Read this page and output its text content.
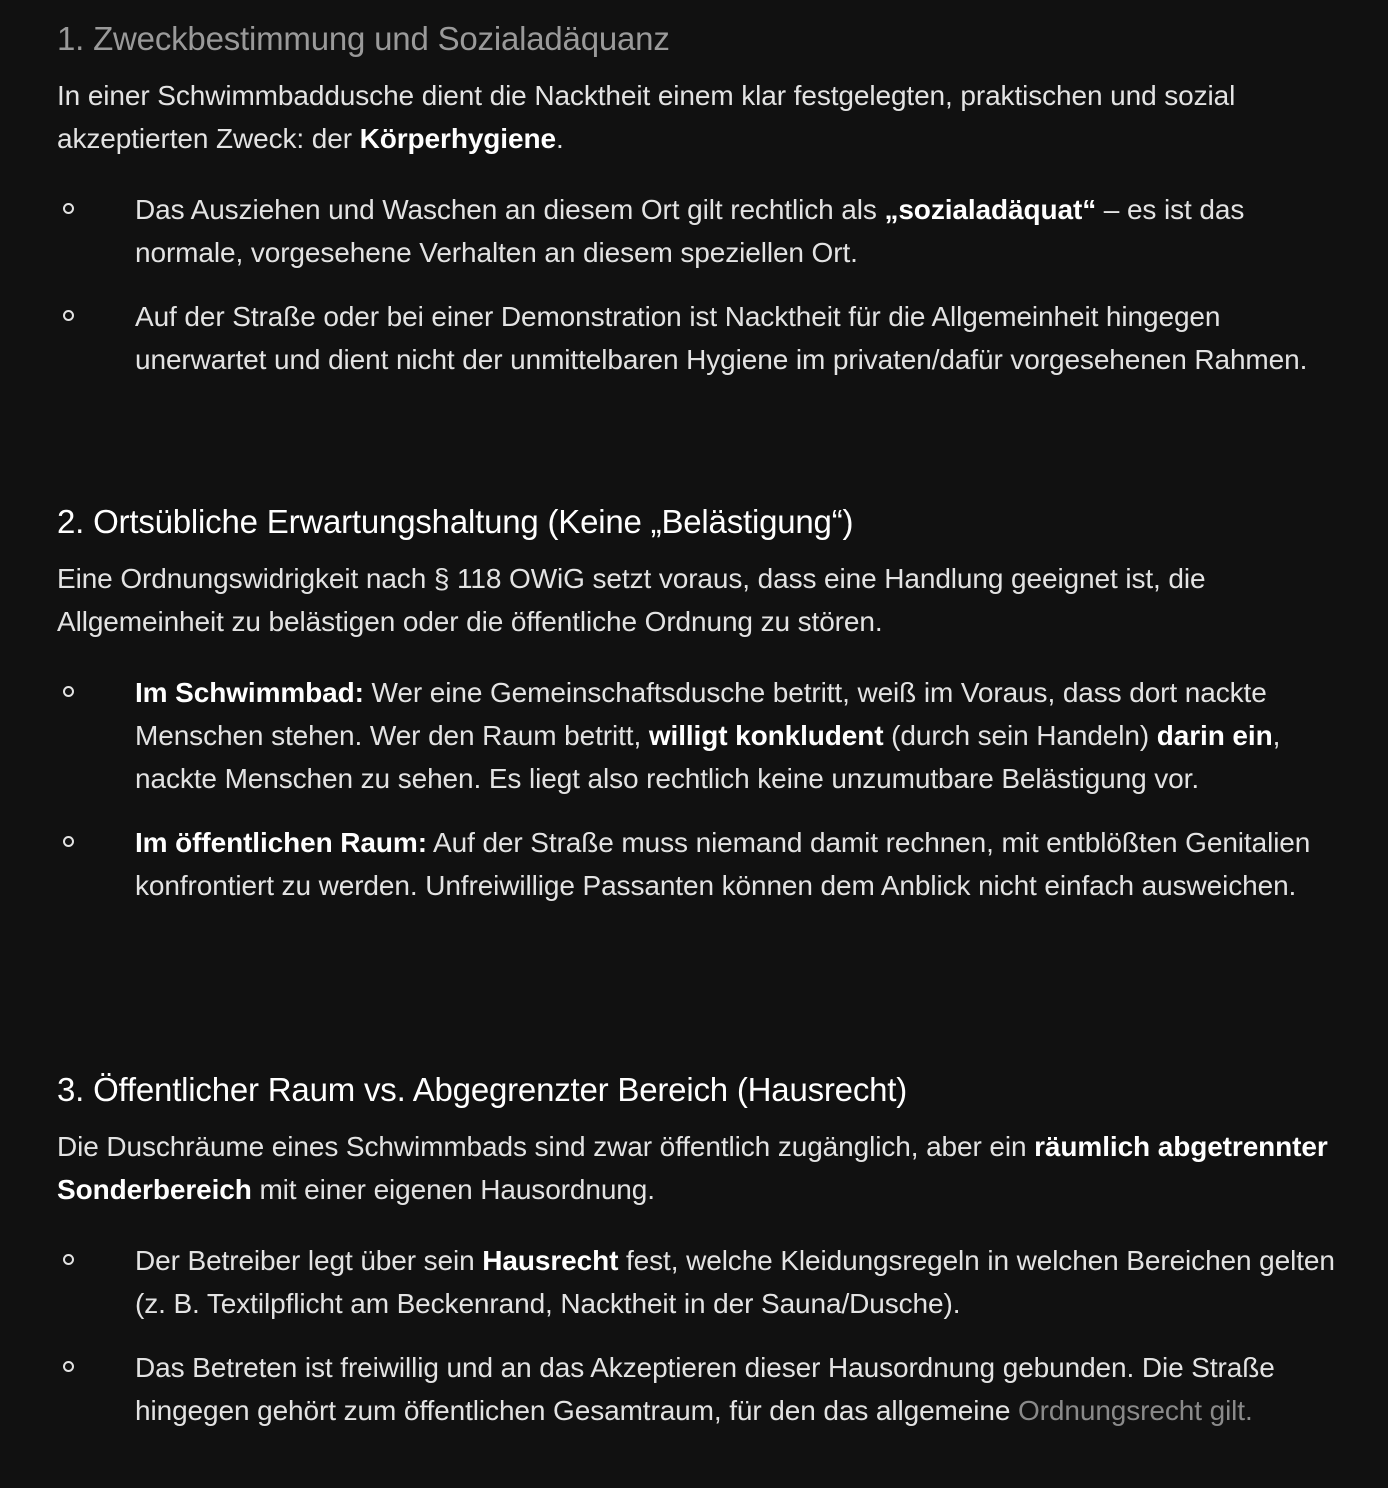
1. Zweckbestimmung und Sozialadäquanz

In einer Schwimmbaddusche dient die Nacktheit einem klar festgelegten, praktischen und sozial akzeptierten Zweck: der Körperhygiene.

Das Ausziehen und Waschen an diesem Ort gilt rechtlich als „sozialadäquat“ – es ist das normale, vorgesehene Verhalten an diesem speziellen Ort.
Auf der Straße oder bei einer Demonstration ist Nacktheit für die Allgemeinheit hingegen unerwartet und dient nicht der unmittelbaren Hygiene im privaten/dafür vorgesehenen Rahmen.
2. Ortsübliche Erwartungshaltung (Keine „Belästigung“)

Eine Ordnungswidrigkeit nach § 118 OWiG setzt voraus, dass eine Handlung geeignet ist, die Allgemeinheit zu belästigen oder die öffentliche Ordnung zu stören.

Im Schwimmbad: Wer eine Gemeinschaftsdusche betritt, weiß im Voraus, dass dort nackte Menschen stehen. Wer den Raum betritt, willigt konkludent (durch sein Handeln) darin ein, nackte Menschen zu sehen. Es liegt also rechtlich keine unzumutbare Belästigung vor.
Im öffentlichen Raum: Auf der Straße muss niemand damit rechnen, mit entblößten Genitalien konfrontiert zu werden. Unfreiwillige Passanten können dem Anblick nicht einfach ausweichen.
3. Öffentlicher Raum vs. Abgegrenzter Bereich (Hausrecht)

Die Duschräume eines Schwimmbads sind zwar öffentlich zugänglich, aber ein räumlich abgetrennter Sonderbereich mit einer eigenen Hausordnung.

Der Betreiber legt über sein Hausrecht fest, welche Kleidungsregeln in welchen Bereichen gelten (z. B. Textilpflicht am Beckenrand, Nacktheit in der Sauna/Dusche).
Das Betreten ist freiwillig und an das Akzeptieren dieser Hausordnung gebunden. Die Straße hingegen gehört zum öffentlichen Gesamtraum, für den das allgemeine Ordnungsrecht gilt.
